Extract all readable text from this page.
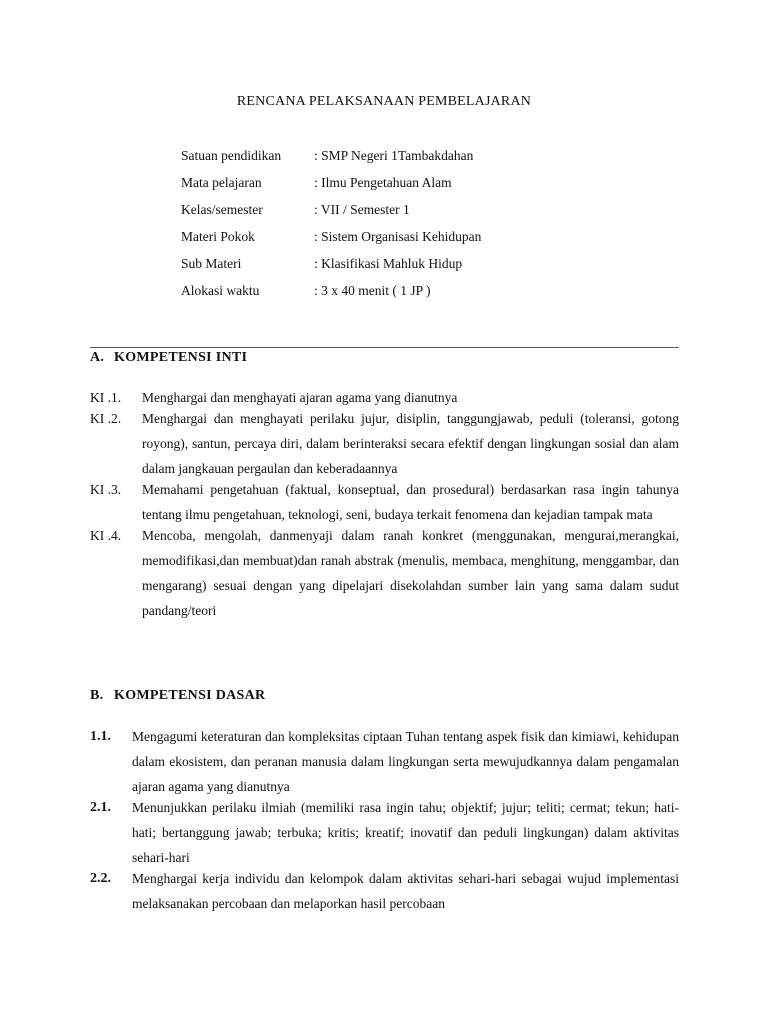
RENCANA PELAKSANAAN PEMBELAJARAN
Satuan pendidikan	: SMP Negeri 1Tambakdahan
Mata pelajaran	: Ilmu Pengetahuan Alam
Kelas/semester	: VII / Semester 1
Materi Pokok	: Sistem Organisasi Kehidupan
Sub Materi	: Klasifikasi Mahluk Hidup
Alokasi waktu	: 3 x 40 menit ( 1 JP )
A. KOMPETENSI INTI
KI .1.	Menghargai dan menghayati ajaran agama yang dianutnya
KI .2.	Menghargai dan menghayati perilaku jujur, disiplin, tanggungjawab, peduli (toleransi, gotong royong), santun, percaya diri, dalam berinteraksi secara efektif dengan lingkungan sosial dan alam dalam jangkauan pergaulan dan keberadaannya
KI .3.	Memahami pengetahuan (faktual, konseptual, dan prosedural) berdasarkan rasa ingin tahunya tentang ilmu pengetahuan, teknologi, seni, budaya terkait fenomena dan kejadian tampak mata
KI .4.	Mencoba, mengolah, danmenyaji dalam ranah konkret (menggunakan, mengurai,merangkai, memodifikasi,dan membuat)dan ranah abstrak (menulis, membaca, menghitung, menggambar, dan mengarang) sesuai dengan yang dipelajari disekolahdan sumber lain yang sama dalam sudut pandang/teori
B. KOMPETENSI DASAR
1.1.	Mengagumi keteraturan dan kompleksitas ciptaan Tuhan tentang aspek fisik dan kimiawi, kehidupan dalam ekosistem, dan peranan manusia dalam lingkungan serta mewujudkannya dalam pengamalan ajaran agama yang dianutnya
2.1.	Menunjukkan perilaku ilmiah (memiliki rasa ingin tahu; objektif; jujur; teliti; cermat; tekun; hati-hati; bertanggung jawab; terbuka; kritis; kreatif; inovatif dan peduli lingkungan) dalam aktivitas sehari-hari
2.2.	Menghargai kerja individu dan kelompok dalam aktivitas sehari-hari sebagai wujud implementasi melaksanakan percobaan dan melaporkan hasil percobaan
